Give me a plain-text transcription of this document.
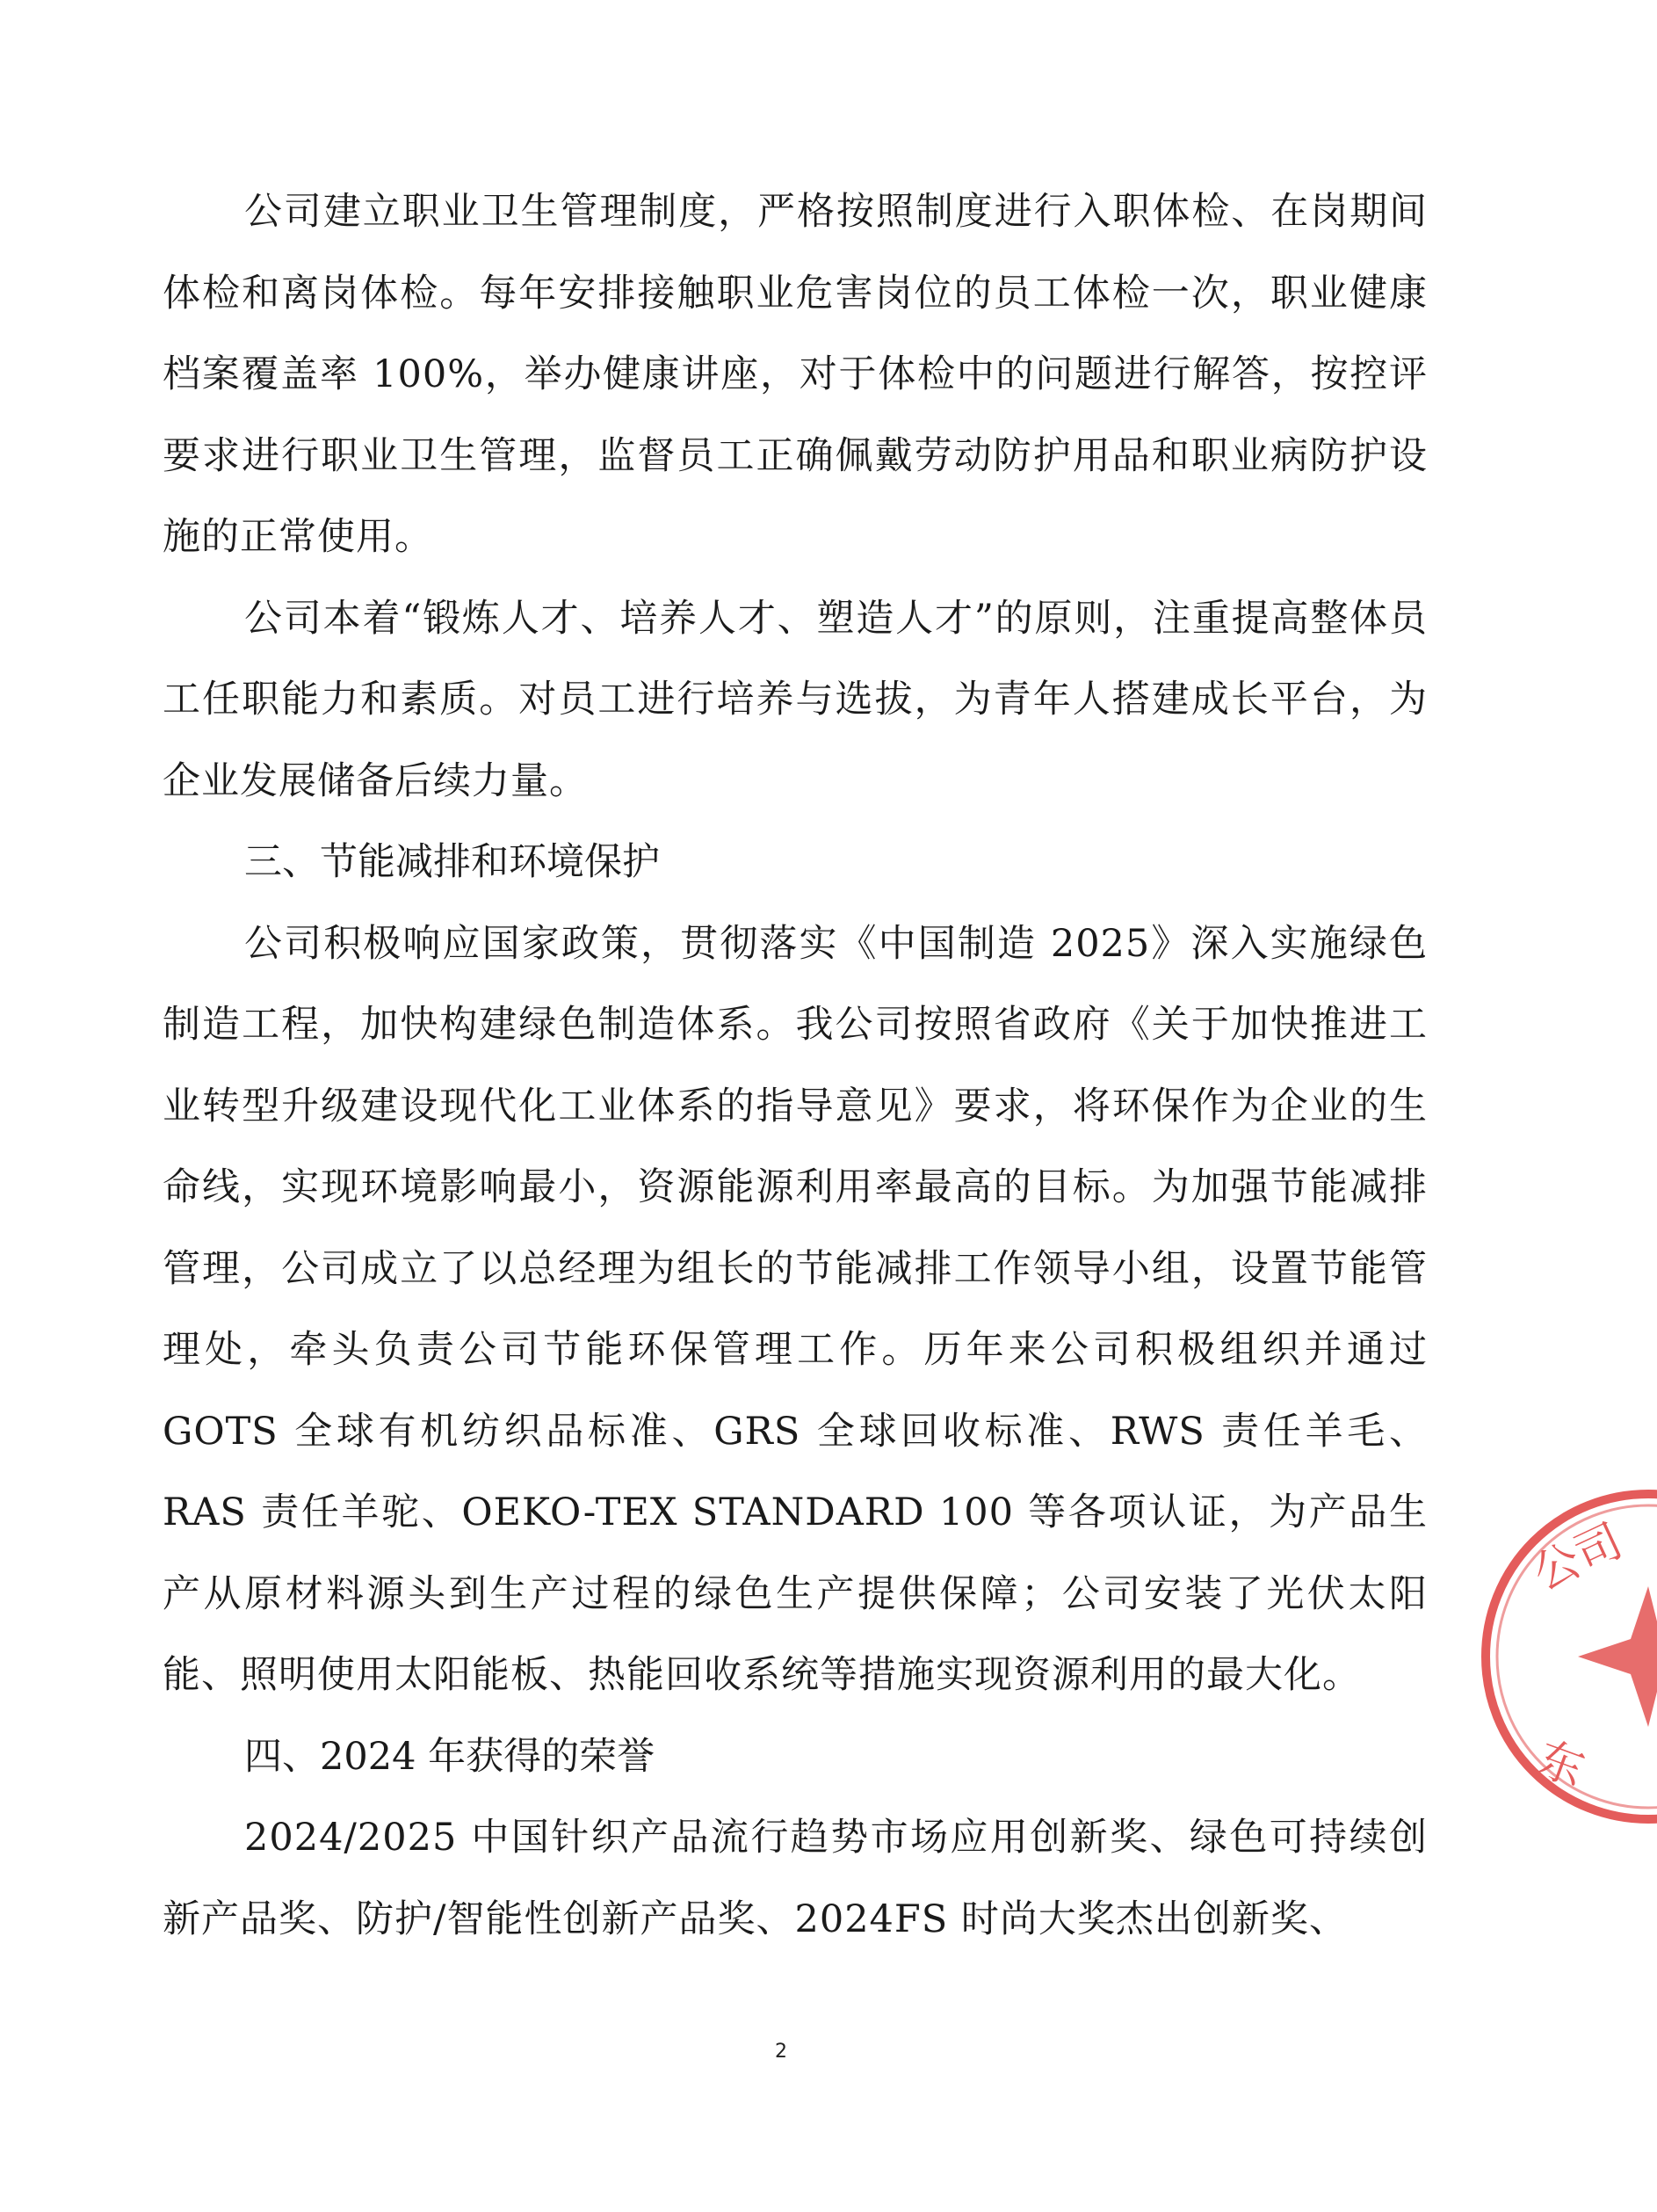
公司建立职业卫生管理制度，严格按照制度进行入职体检、在岗期间体检和离岗体检。每年安排接触职业危害岗位的员工体检一次，职业健康档案覆盖率 100%，举办健康讲座，对于体检中的问题进行解答，按控评要求进行职业卫生管理，监督员工正确佩戴劳动防护用品和职业病防护设施的正常使用。

公司本着“锻炼人才、培养人才、塑造人才”的原则，注重提高整体员工任职能力和素质。对员工进行培养与选拔，为青年人搭建成长平台，为企业发展储备后续力量。

三、节能减排和环境保护

公司积极响应国家政策，贯彻落实《中国制造 2025》深入实施绿色制造工程，加快构建绿色制造体系。我公司按照省政府《关于加快推进工业转型升级建设现代化工业体系的指导意见》要求，将环保作为企业的生命线，实现环境影响最小，资源能源利用率最高的目标。为加强节能减排管理，公司成立了以总经理为组长的节能减排工作领导小组，设置节能管理处，牵头负责公司节能环保管理工作。历年来公司积极组织并通过 GOTS 全球有机纺织品标准、GRS 全球回收标准、RWS 责任羊毛、RAS 责任羊驼、OEKO-TEX STANDARD 100 等各项认证，为产品生产从原材料源头到生产过程的绿色生产提供保障；公司安装了光伏太阳能、照明使用太阳能板、热能回收系统等措施实现资源利用的最大化。

四、2024 年获得的荣誉

2024/2025 中国针织产品流行趋势市场应用创新奖、绿色可持续创新产品奖、防护/智能性创新产品奖、2024FS 时尚大奖杰出创新奖、

2
公司
东
